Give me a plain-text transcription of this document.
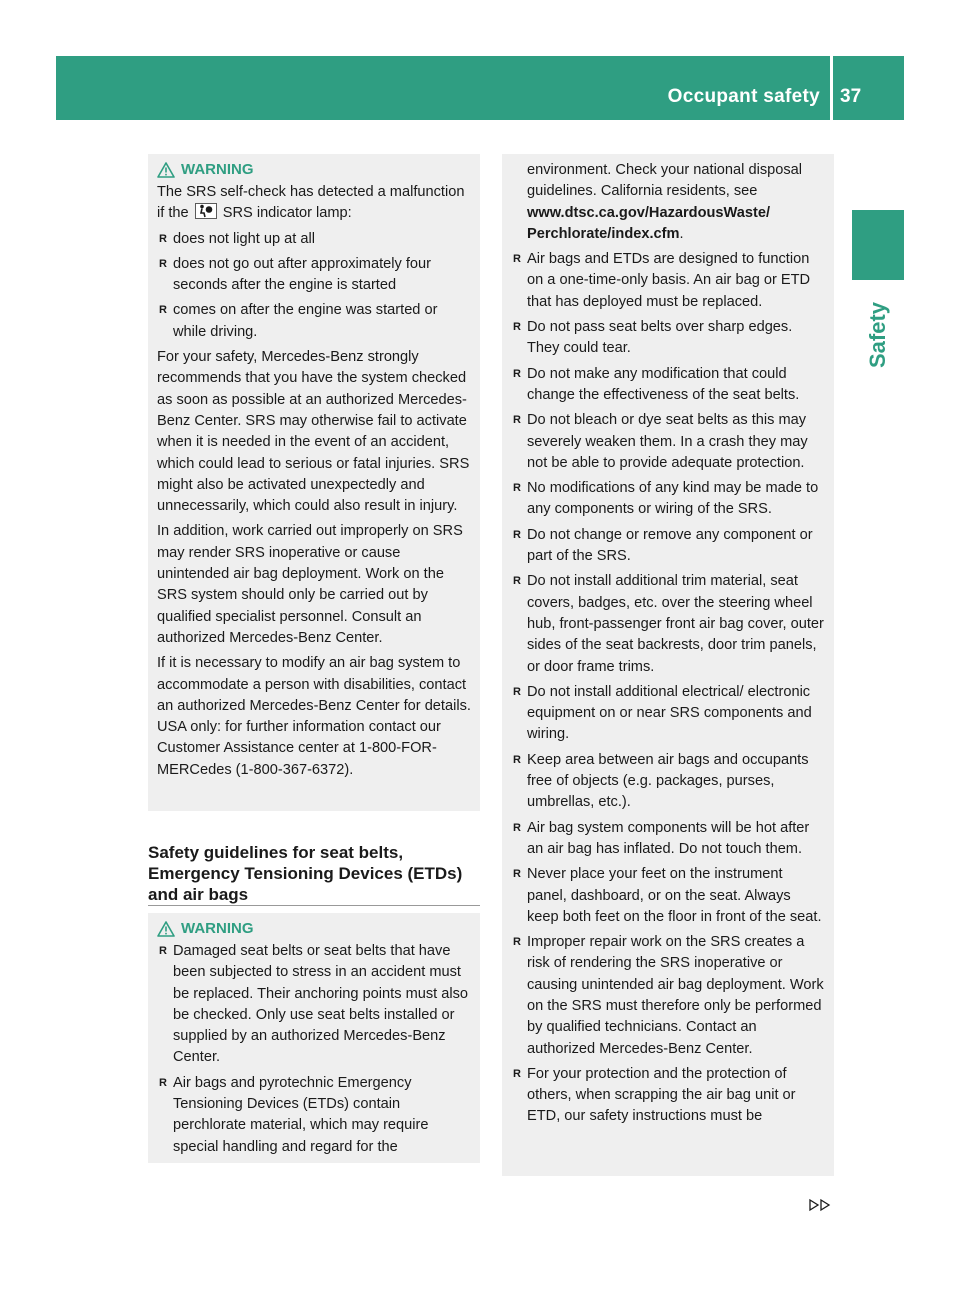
Occupant safety 37
Safety
WARNING

The SRS self-check has detected a malfunction if the SRS indicator lamp:

R does not light up at all
R does not go out after approximately four seconds after the engine is started
R comes on after the engine was started or while driving.

For your safety, Mercedes-Benz strongly recommends that you have the system checked as soon as possible at an authorized Mercedes-Benz Center. SRS may otherwise fail to activate when it is needed in the event of an accident, which could lead to serious or fatal injuries. SRS might also be activated unexpectedly and unnecessarily, which could also result in injury.

In addition, work carried out improperly on SRS may render SRS inoperative or cause unintended air bag deployment. Work on the SRS system should only be carried out by qualified specialist personnel. Consult an authorized Mercedes-Benz Center.

If it is necessary to modify an air bag system to accommodate a person with disabilities, contact an authorized Mercedes-Benz Center for details. USA only: for further information contact our Customer Assistance center at 1-800-FOR-MERCedes (1-800-367-6372).

Safety guidelines for seat belts, Emergency Tensioning Devices (ETDs) and air bags
WARNING
R Damaged seat belts or seat belts that have been subjected to stress in an accident must be replaced. Their anchoring points must also be checked. Only use seat belts installed or supplied by an authorized Mercedes-Benz Center.
R Air bags and pyrotechnic Emergency Tensioning Devices (ETDs) contain perchlorate material, which may require special handling and regard for the

environment. Check your national disposal guidelines. California residents, see www.dtsc.ca.gov/HazardousWaste/ Perchlorate/index.cfm.

R Air bags and ETDs are designed to function on a one-time-only basis. An air bag or ETD that has deployed must be replaced.
R Do not pass seat belts over sharp edges. They could tear.
R Do not make any modification that could change the effectiveness of the seat belts.
R Do not bleach or dye seat belts as this may severely weaken them. In a crash they may not be able to provide adequate protection.
R No modifications of any kind may be made to any components or wiring of the SRS.
R Do not change or remove any component or part of the SRS.
R Do not install additional trim material, seat covers, badges, etc. over the steering wheel hub, front-passenger front air bag cover, outer sides of the seat backrests, door trim panels, or door frame trims.
R Do not install additional electrical/ electronic equipment on or near SRS components and wiring.
R Keep area between air bags and occupants free of objects (e.g. packages, purses, umbrellas, etc.).
R Air bag system components will be hot after an air bag has inflated. Do not touch them.
R Never place your feet on the instrument panel, dashboard, or on the seat. Always keep both feet on the floor in front of the seat.
R Improper repair work on the SRS creates a risk of rendering the SRS inoperative or causing unintended air bag deployment. Work on the SRS must therefore only be performed by qualified technicians. Contact an authorized Mercedes-Benz Center.
R For your protection and the protection of others, when scrapping the air bag unit or ETD, our safety instructions must be
